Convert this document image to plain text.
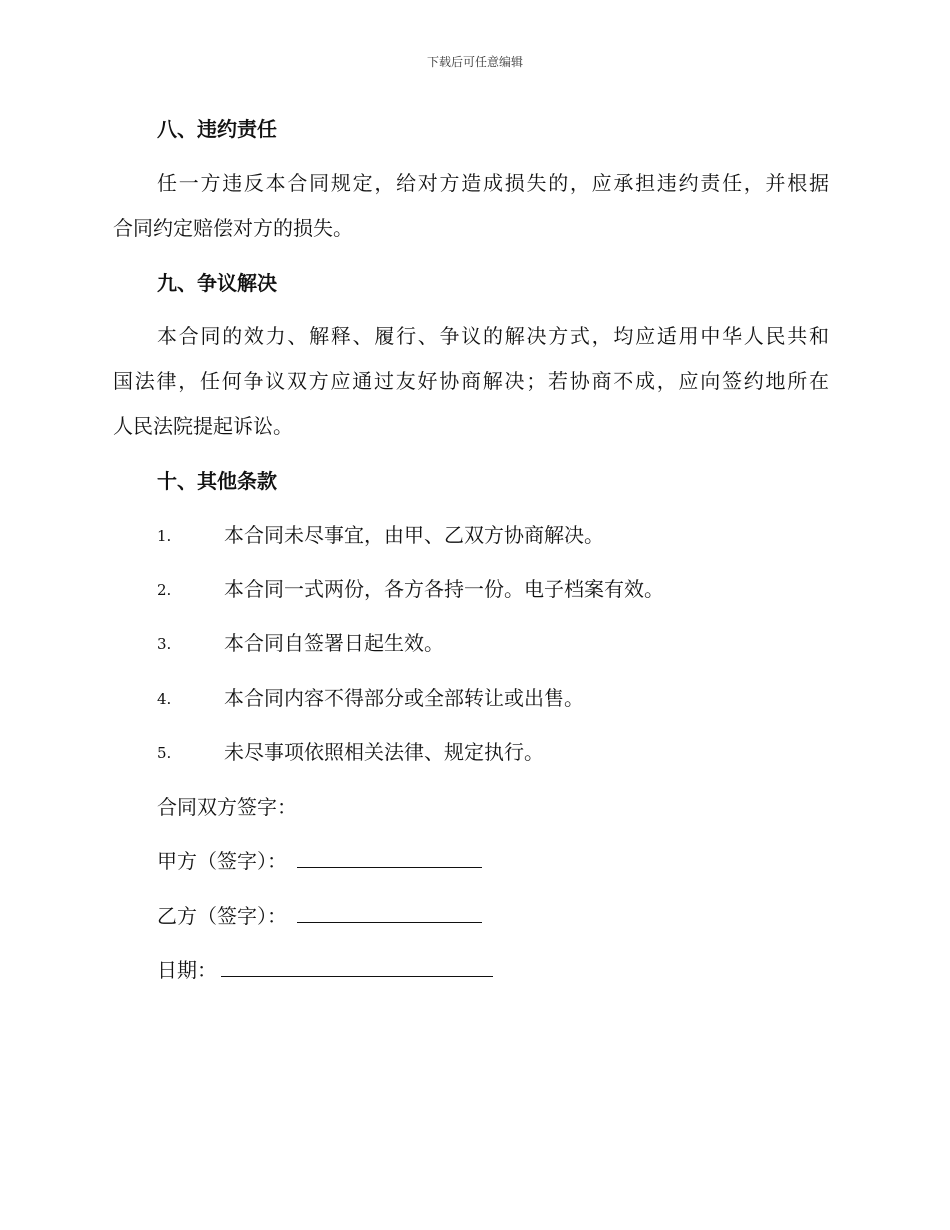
下载后可任意编辑
八、违约责任
任一方违反本合同规定，给对方造成损失的，应承担违约责任，并根据
合同约定赔偿对方的损失。
九、争议解决
本合同的效力、解释、履行、争议的解决方式，均应适用中华人民共和
国法律，任何争议双方应通过友好协商解决；若协商不成，应向签约地所在
人民法院提起诉讼。
十、其他条款
1.	本合同未尽事宜，由甲、乙双方协商解决。
2.	本合同一式两份，各方各持一份。电子档案有效。
3.	本合同自签署日起生效。
4.	本合同内容不得部分或全部转让或出售。
5.	未尽事项依照相关法律、规定执行。
合同双方签字：
甲方（签字）：
乙方（签字）：
日期：
